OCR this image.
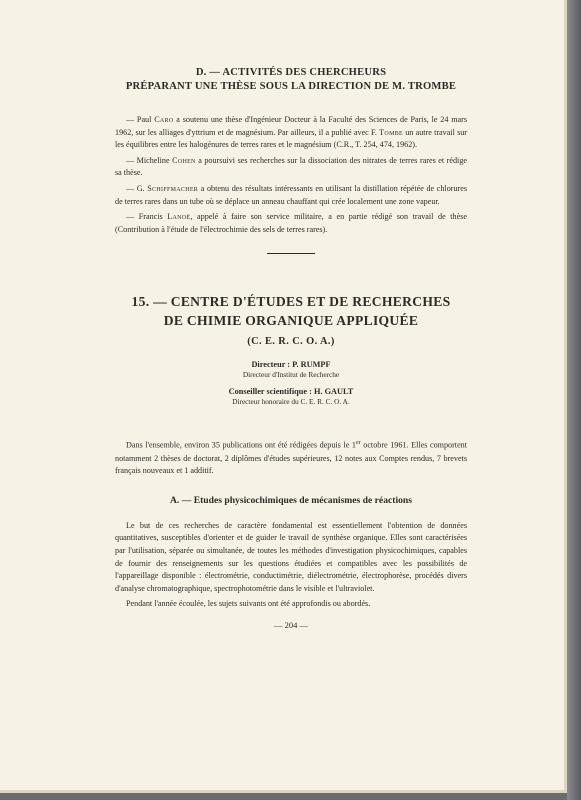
D. — ACTIVITÉS DES CHERCHEURS

PRÉPARANT UNE THÈSE SOUS LA DIRECTION DE M. TROMBE

— Paul Caro a soutenu une thèse d'Ingénieur Docteur à la Faculté des Sciences de Paris, le 24 mars 1962, sur les alliages d'yttrium et de magnésium. Par ailleurs, il a publié avec F. Tombe un autre travail sur les équilibres entre les halogénures de terres rares et le magnésium (C.R., T. 254, 474, 1962).

— Micheline Cohen a poursuivi ses recherches sur la dissociation des nitrates de terres rares et rédige sa thèse.

— G. Schiffmacher a obtenu des résultats intéressants en utilisant la distillation répétée de chlorures de terres rares dans un tube où se déplace un anneau chauffant qui crée localement une zone vapeur.

— Francis Lanoë, appelé à faire son service militaire, a en partie rédigé son travail de thèse (Contribution à l'étude de l'électrochimie des sels de terres rares).

15. — CENTRE D'ÉTUDES ET DE RECHERCHES

DE CHIMIE ORGANIQUE APPLIQUÉE

(C. E. R. C. O. A.)

Directeur : P. RUMPF

Directeur d'Institut de Recherche

Conseiller scientifique : H. GAULT

Directeur honoraire du C. E. R. C. O. A.

Dans l'ensemble, environ 35 publications ont été rédigées depuis le 1er octobre 1961. Elles comportent notamment 2 thèses de doctorat, 2 diplômes d'études supérieures, 12 notes aux Comptes rendus, 7 brevets français nouveaux et 1 additif.

A. — Etudes physicochimiques de mécanismes de réactions

Le but de ces recherches de caractère fondamental est essentiellement l'obtention de données quantitatives, susceptibles d'orienter et de guider le travail de synthèse organique. Elles sont caractérisées par l'utilisation, séparée ou simultanée, de toutes les méthodes d'investigation physicochimiques, capables de fournir des renseignements sur les questions étudiées et compatibles avec les possibilités de l'appareillage disponible : électrométrie, conductimétrie, diélectrométrie, électrophorèse, procédés divers d'analyse chromatographique, spectrophotométrie dans le visible et l'ultraviolet.

Pendant l'année écoulée, les sujets suivants ont été approfondis ou abordés.

— 204 —
